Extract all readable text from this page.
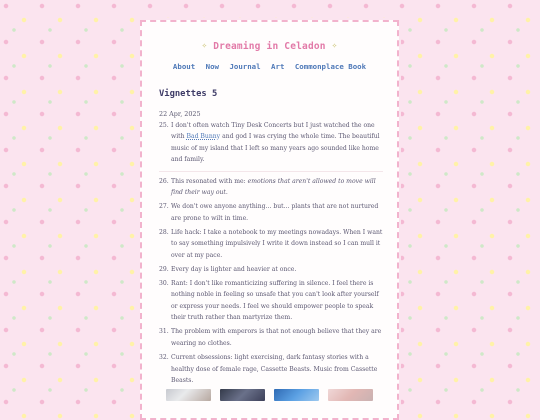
✧ Dreaming in Celadon ✧
About Now Journal Art Commonplace Book
Vignettes 5

22 Apr, 2025

25. I don't often watch Tiny Desk Concerts but I just watched the one with Bad Bunny and god I was crying the whole time. The beautiful music of my island that I left so many years ago sounded like home and family.
26. This resonated with me: emotions that aren't allowed to move will find their way out.
27. We don't owe anyone anything... but... plants that are not nurtured are prone to wilt in time.
28. Life hack: I take a notebook to my meetings nowadays. When I want to say something impulsively I write it down instead so I can mull it over at my pace.
29. Every day is lighter and heavier at once.
30. Rant: I don't like romanticizing suffering in silence. I feel there is nothing noble in feeling so unsafe that you can't look after yourself or express your needs. I feel we should empower people to speak their truth rather than martyrize them.
31. The problem with emperors is that not enough believe that they are wearing no clothes.
32. Current obsessions: light exercising, dark fantasy stories with a healthy dose of female rage, Cassette Beasts. Music from Cassette Beasts.
